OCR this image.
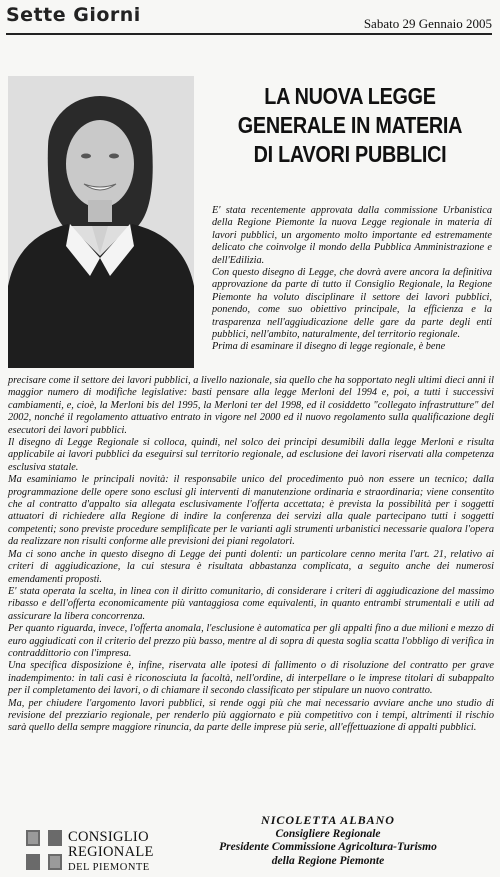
Sette Giorni	Sabato 29 Gennaio 2005
LA NUOVA LEGGE
GENERALE IN MATERIA
DI LAVORI PUBBLICI

E' stata recentemente approvata dalla commissione Urbanistica della Regione Piemonte la nuova Legge regionale in materia di lavori pubblici, un argomento molto importante ed estremamente delicato che coinvolge il mondo della Pubblica Amministrazione e dell'Edilizia.

Con questo disegno di Legge, che dovrà avere ancora la definitiva approvazione da parte di tutto il Consiglio Regionale, la Regione Piemonte ha voluto disciplinare il settore dei lavori pubblici, ponendo, come suo obiettivo principale, la efficienza e la trasparenza nell'aggiudicazione delle gare da parte degli enti pubblici, nell'ambito, naturalmente, del territorio regionale.

Prima di esaminare il disegno di legge regionale, è bene

precisare come il settore dei lavori pubblici, a livello nazionale, sia quello che ha sopportato negli ultimi dieci anni il maggior numero di modifiche legislative: basti pensare alla legge Merloni del 1994 e, poi, a tutti i successivi cambiamenti, e, cioè, la Merloni bis del 1995, la Merloni ter del 1998, ed il cosiddetto "collegato infrastrutture" del 2002, nonché il regolamento attuativo entrato in vigore nel 2000 ed il nuovo regolamento sulla qualificazione degli esecutori dei lavori pubblici.

Il disegno di Legge Regionale si colloca, quindi, nel solco dei principi desumibili dalla legge Merloni e risulta applicabile ai lavori pubblici da eseguirsi sul territorio regionale, ad esclusione dei lavori riservati alla competenza esclusiva statale.

Ma esaminiamo le principali novità: il responsabile unico del procedimento può non essere un tecnico; dalla programmazione delle opere sono esclusi gli interventi di manutenzione ordinaria e straordinaria; viene consentito che al contratto d'appalto sia allegata esclusivamente l'offerta accettata; è prevista la possibilità per i soggetti attuatori di richiedere alla Regione di indire la conferenza dei servizi alla quale partecipano tutti i soggetti competenti; sono previste procedure semplificate per le varianti agli strumenti urbanistici necessarie qualora l'opera da realizzare non risulti conforme alle previsioni dei piani regolatori.

Ma ci sono anche in questo disegno di Legge dei punti dolenti: un particolare cenno merita l'art. 21, relativo ai criteri di aggiudicazione, la cui stesura è risultata abbastanza complicata, a seguito anche dei numerosi emendamenti proposti.

E' stata operata la scelta, in linea con il diritto comunitario, di considerare i criteri di aggiudicazione del massimo ribasso e dell'offerta economicamente più vantaggiosa come equivalenti, in quanto entrambi strumentali e utili ad assicurare la libera concorrenza.

Per quanto riguarda, invece, l'offerta anomala, l'esclusione è automatica per gli appalti fino a due milioni e mezzo di euro aggiudicati con il criterio del prezzo più basso, mentre al di sopra di questa soglia scatta l'obbligo di verifica in contraddittorio con l'impresa.

Una specifica disposizione è, infine, riservata alle ipotesi di fallimento o di risoluzione del contratto per grave inadempimento: in tali casi è riconosciuta la facoltà, nell'ordine, di interpellare o le imprese titolari di subappalto per il completamento dei lavori, o di chiamare il secondo classificato per stipulare un nuovo contratto.

Ma, per chiudere l'argomento lavori pubblici, si rende oggi più che mai necessario avviare anche uno studio di revisione del prezziario regionale, per renderlo più aggiornato e più competitivo con i tempi, altrimenti il rischio sarà quello della sempre maggiore rinuncia, da parte delle imprese più serie, all'effettuazione di appalti pubblici.

CONSIGLIO
REGIONALE
DEL PIEMONTE
NICOLETTA ALBANO
Consigliere Regionale
Presidente Commissione Agricoltura-Turismo
della Regione Piemonte
